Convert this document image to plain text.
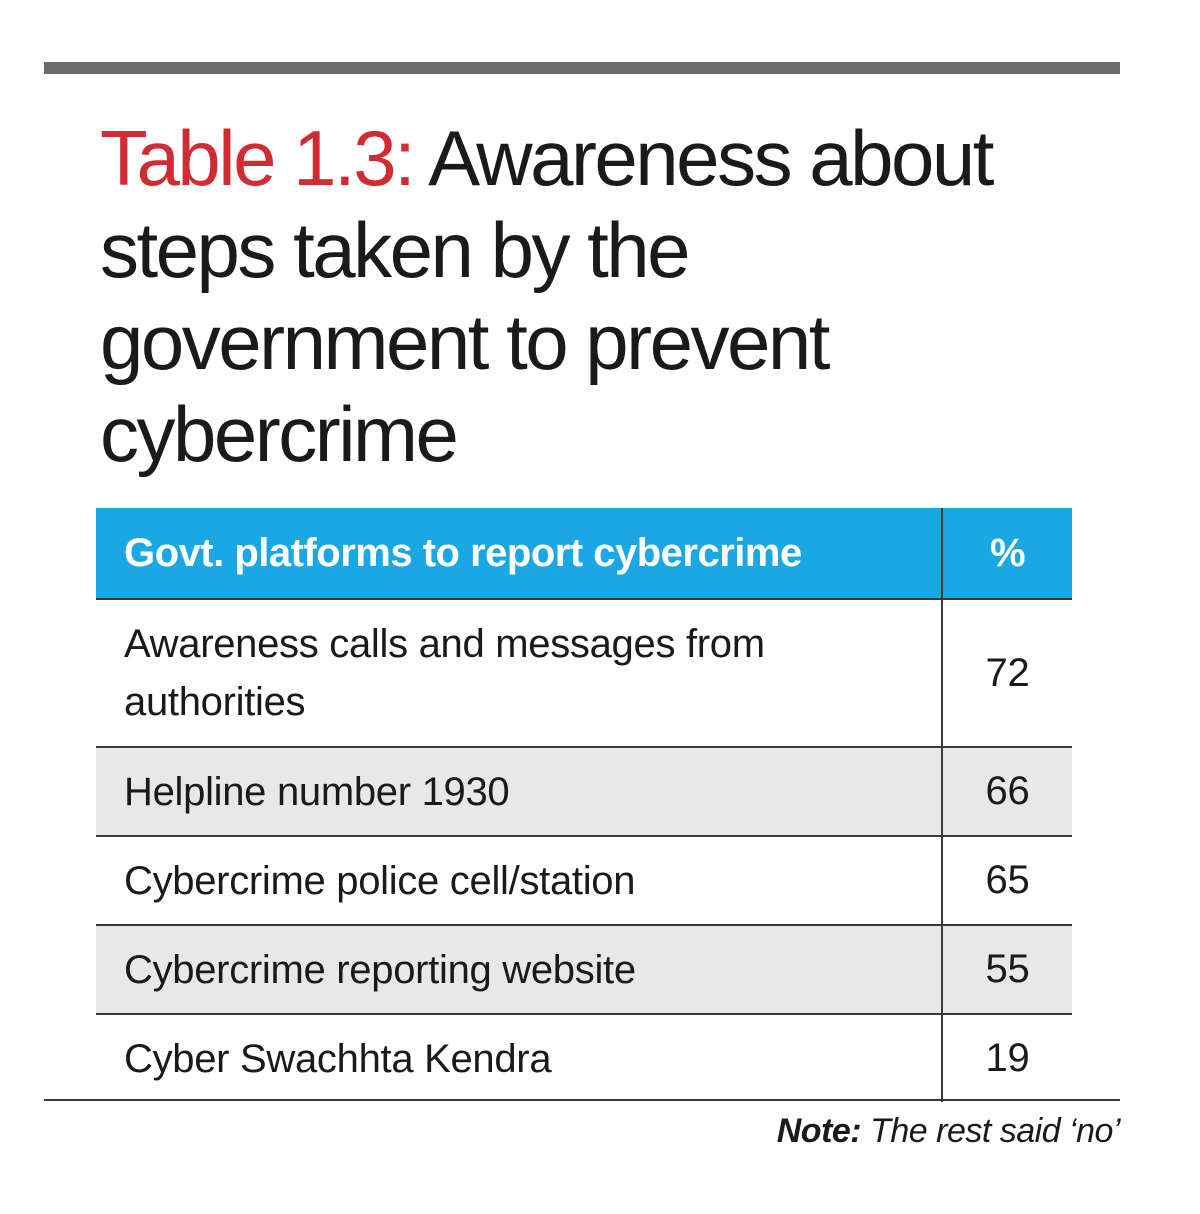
Table 1.3: Awareness about steps taken by the government to prevent cybercrime
Govt. platforms to report cybercrime	%
Awareness calls and messages from authorities	72
Helpline number 1930	66
Cybercrime police cell/station	65
Cybercrime reporting website	55
Cyber Swachhta Kendra	19

Note: The rest said ‘no’
